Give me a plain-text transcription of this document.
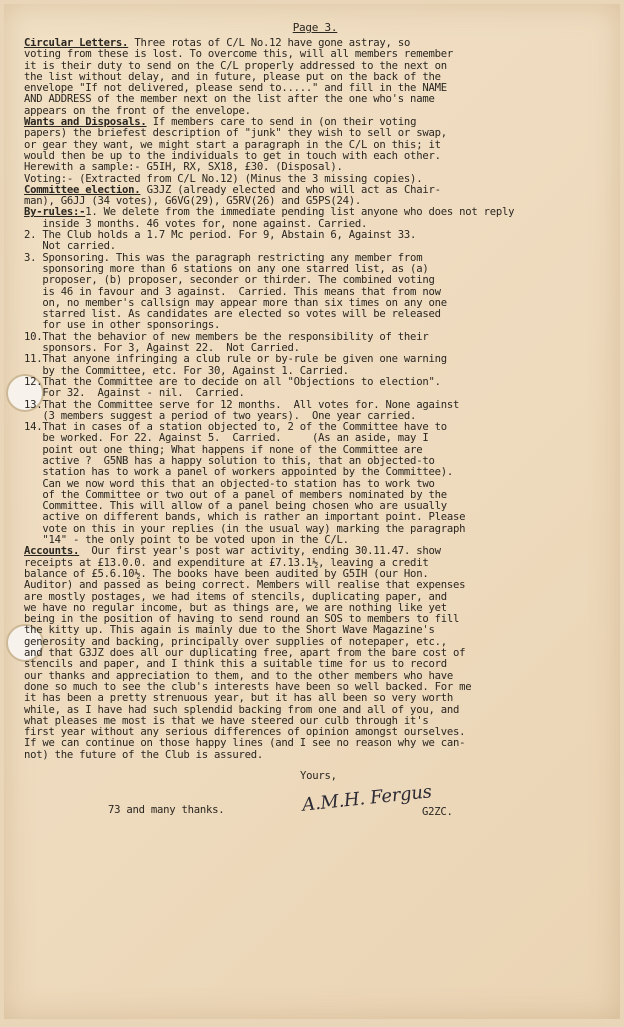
Page 3.
Circular Letters. Three rotas of C/L No.12 have gone astray, so
voting from these is lost. To overcome this, will all members remember
it is their duty to send on the C/L properly addressed to the next on
the list without delay, and in future, please put on the back of the
envelope "If not delivered, please send to....." and fill in the NAME
AND ADDRESS of the member next on the list after the one who's name
appears on the front of the envelope.
Wants and Disposals. If members care to send in (on their voting
papers) the briefest description of "junk" they wish to sell or swap,
or gear they want, we might start a paragraph in the C/L on this; it
would then be up to the individuals to get in touch with each other.
Herewith a sample:- G5IH, RX, SX18, £30. (Disposal).
Voting:- (Extracted from C/L No.12) (Minus the 3 missing copies).
Committee election. G3JZ (already elected and who will act as Chair-
man), G6JJ (34 votes), G6VG(29), G5RV(26) and G5PS(24).
By-rules:-1. We delete from the immediate pending list anyone who does not reply
inside 3 months. 46 votes for, none against. Carried.
2. The Club holds a 1.7 Mc period. For 9, Abstain 6, Against 33.
Not carried.
3. Sponsoring. This was the paragraph restricting any member from
sponsoring more than 6 stations on any one starred list, as (a)
proposer, (b) proposer, seconder or thirder. The combined voting
is 46 in favour and 3 against.  Carried. This means that from now
on, no member's callsign may appear more than six times on any one
starred list. As candidates are elected so votes will be released
for use in other sponsorings.
10.That the behavior of new members be the responsibility of their
sponsors. For 3, Against 22.  Not Carried.
11.That anyone infringing a club rule or by-rule be given one warning
by the Committee, etc. For 30, Against 1. Carried.
12.That the Committee are to decide on all "Objections to election".
For 32.  Against - nil.  Carried.
13.That the Committee serve for 12 months.  All votes for. None against
(3 members suggest a period of two years).  One year carried.
14.That in cases of a station objected to, 2 of the Committee have to
be worked. For 22. Against 5.  Carried.     (As an aside, may I
point out one thing; What happens if none of the Committee are
active ?  G5NB has a happy solution to this, that an objected-to
station has to work a panel of workers appointed by the Committee).
Can we now word this that an objected-to station has to work two
of the Committee or two out of a panel of members nominated by the
Committee. This will allow of a panel being chosen who are usually
active on different bands, which is rather an important point. Please
vote on this in your replies (in the usual way) marking the paragraph
"14" - the only point to be voted upon in the C/L.
Accounts.  Our first year's post war activity, ending 30.11.47. show
receipts at £13.0.0. and expenditure at £7.13.1½, leaving a credit
balance of £5.6.10½. The books have been audited by G5IH (our Hon.
Auditor) and passed as being correct. Members will realise that expenses
are mostly postages, we had items of stencils, duplicating paper, and
we have no regular income, but as things are, we are nothing like yet
being in the position of having to send round an SOS to members to fill
the kitty up. This again is mainly due to the Short Wave Magazine's
generosity and backing, principally over supplies of notepaper, etc.,
and that G3JZ does all our duplicating free, apart from the bare cost of
stencils and paper, and I think this a suitable time for us to record
our thanks and appreciation to them, and to the other members who have
done so much to see the club's interests have been so well backed. For me
it has been a pretty strenuous year, but it has all been so very worth
while, as I have had such splendid backing from one and all of you, and
what pleases me most is that we have steered our culb through it's
first year without any serious differences of opinion amongst ourselves.
If we can continue on those happy lines (and I see no reason why we can-
not) the future of the Club is assured.
Yours,
73 and many thanks.	A.M.H. Fergus
G2ZC.
